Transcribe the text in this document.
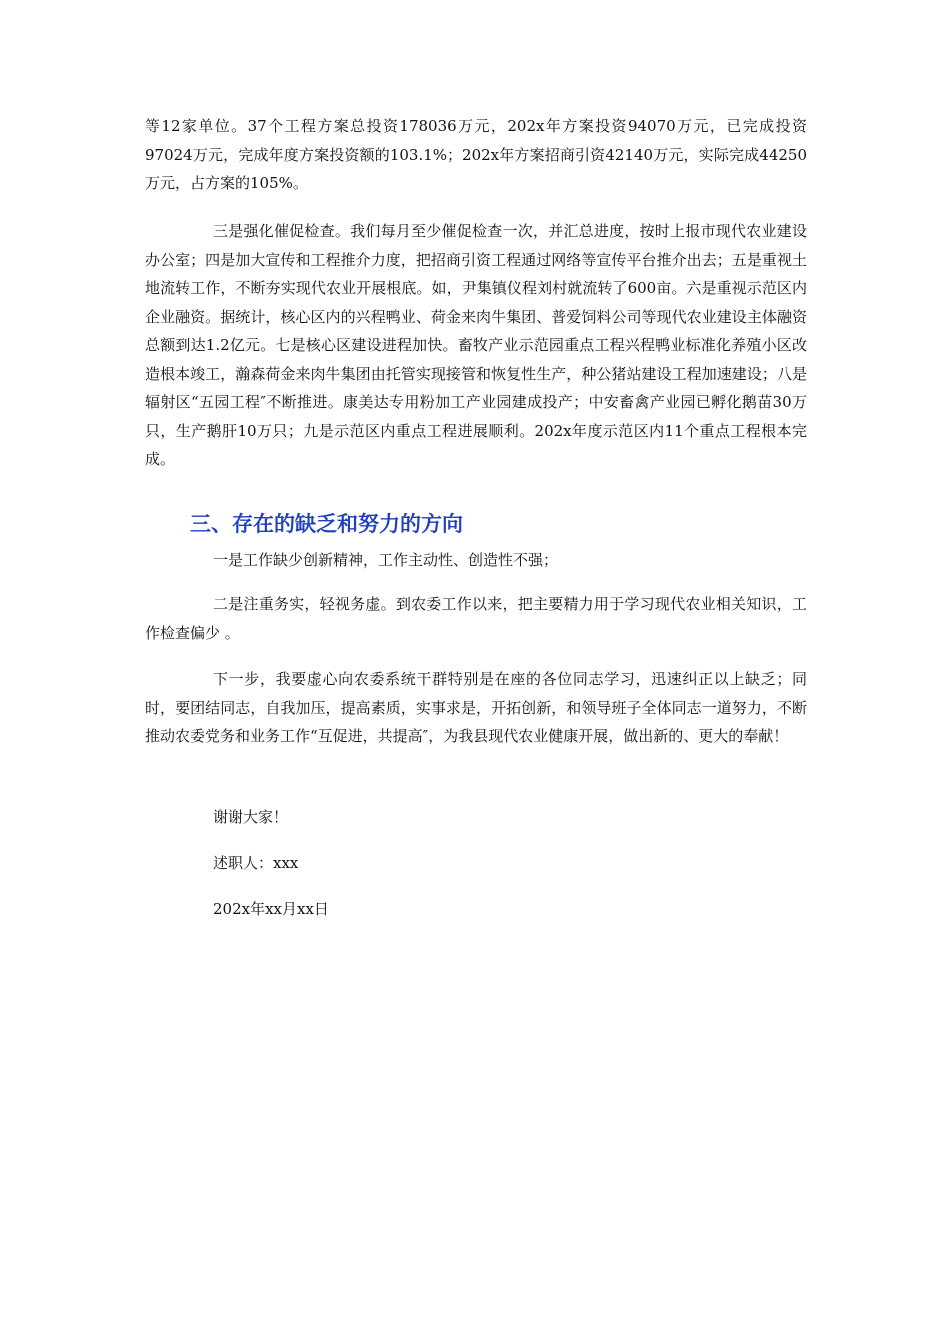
等12家单位。37个工程方案总投资178036万元，202x年方案投资94070万元，已完成投资97024万元，完成年度方案投资额的103.1%；202x年方案招商引资42140万元，实际完成44250万元，占方案的105%。

三是强化催促检查。我们每月至少催促检查一次，并汇总进度，按时上报市现代农业建设办公室；四是加大宣传和工程推介力度，把招商引资工程通过网络等宣传平台推介出去；五是重视土地流转工作，不断夯实现代农业开展根底。如，尹集镇仪程刘村就流转了600亩。六是重视示范区内企业融资。据统计，核心区内的兴程鸭业、荷金来肉牛集团、普爱饲料公司等现代农业建设主体融资总额到达1.2亿元。七是核心区建设进程加快。畜牧产业示范园重点工程兴程鸭业标准化养殖小区改造根本竣工，瀚森荷金来肉牛集团由托管实现接管和恢复性生产，种公猪站建设工程加速建设；八是辐射区“五园工程″不断推进。康美达专用粉加工产业园建成投产；中安畜禽产业园已孵化鹅苗30万只，生产鹅肝10万只；九是示范区内重点工程进展顺利。202x年度示范区内11个重点工程根本完成。

三、存在的缺乏和努力的方向

一是工作缺少创新精神，工作主动性、创造性不强；

二是注重务实，轻视务虚。到农委工作以来，把主要精力用于学习现代农业相关知识，工作检查偏少 。

下一步，我要虚心向农委系统干群特别是在座的各位同志学习，迅速纠正以上缺乏；同时，要团结同志，自我加压，提高素质，实事求是，开拓创新，和领导班子全体同志一道努力，不断推动农委党务和业务工作“互促进，共提高″，为我县现代农业健康开展，做出新的、更大的奉献！

谢谢大家！

述职人：xxx

202x年xx月xx日
